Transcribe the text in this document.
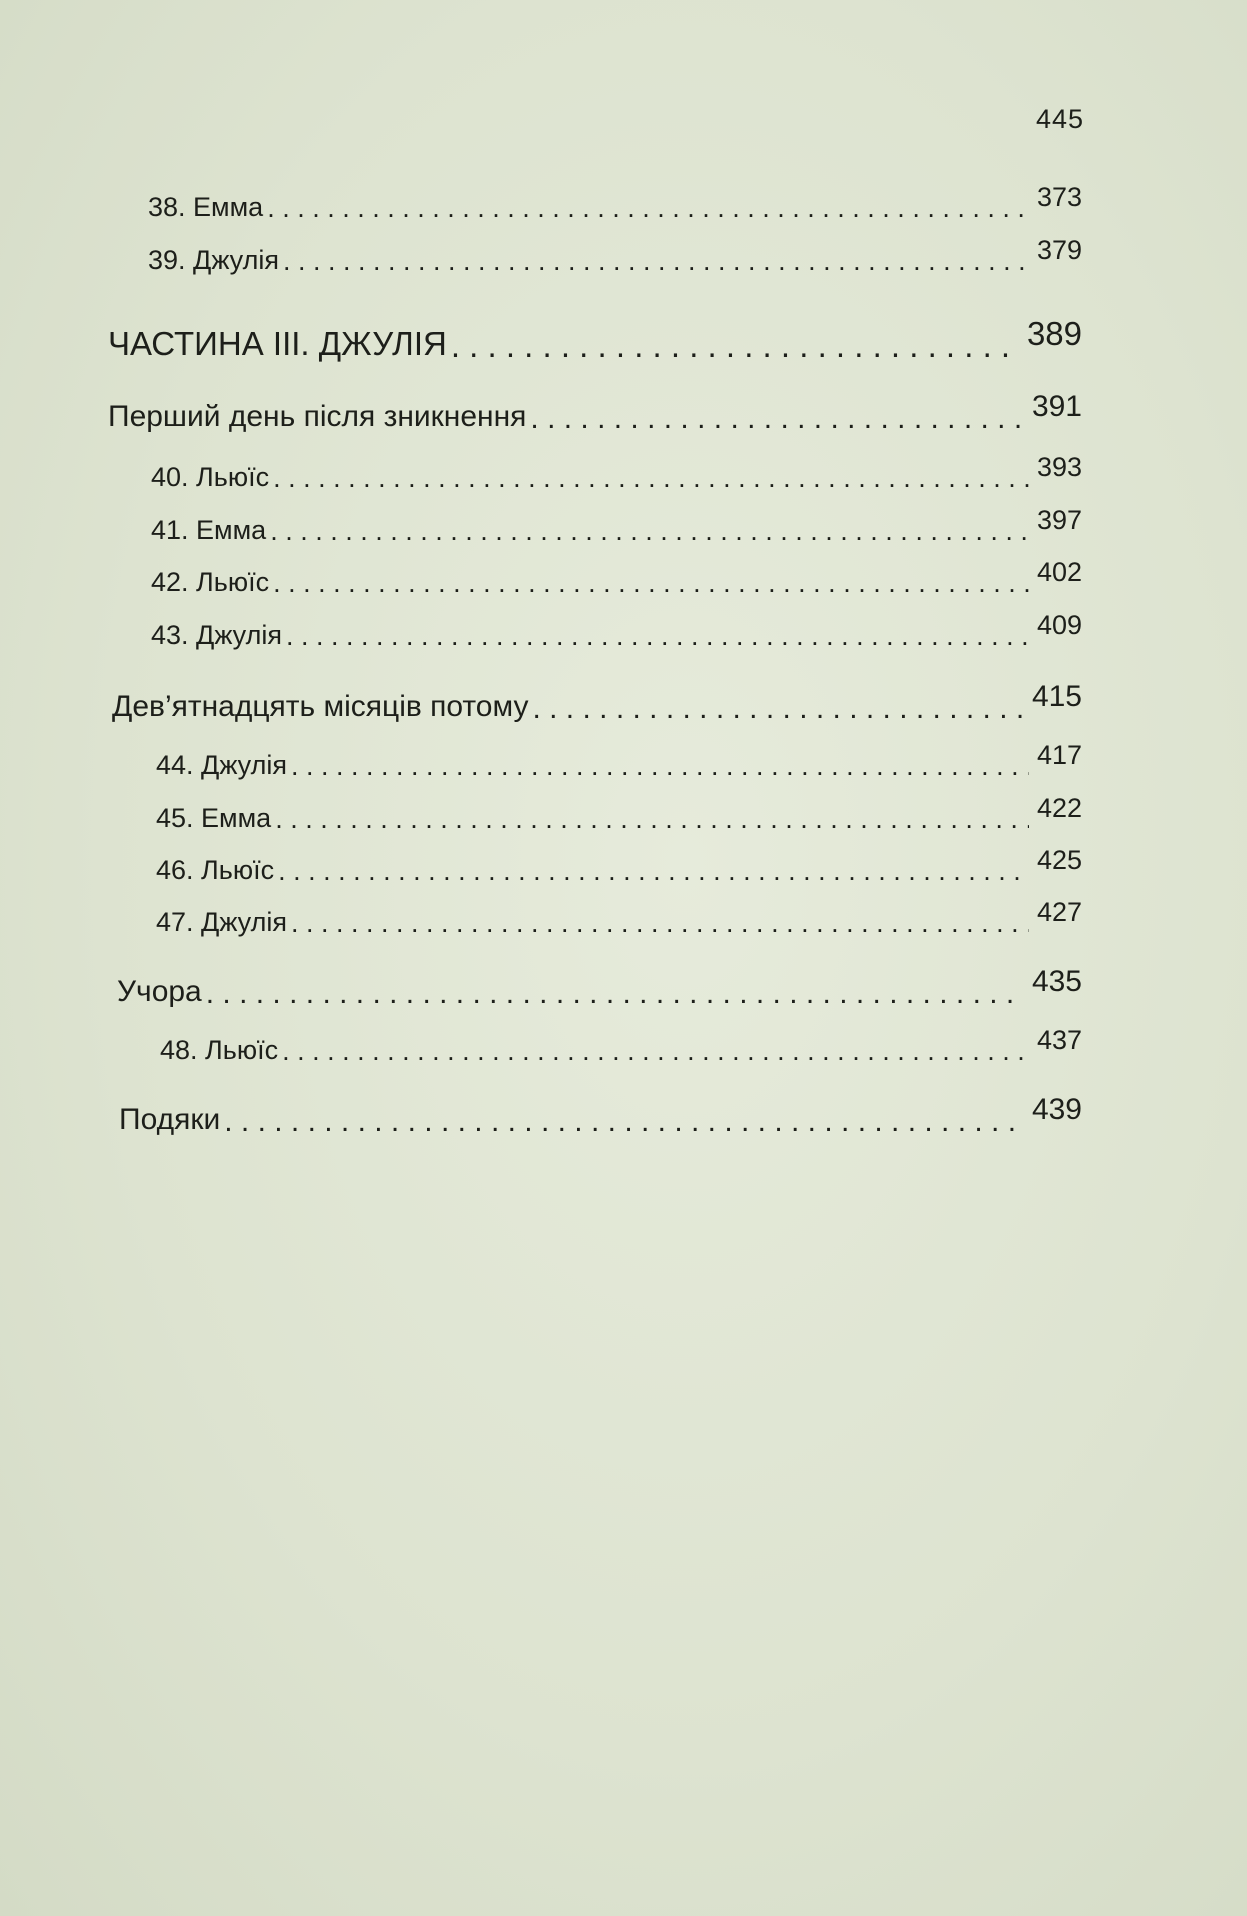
445
38. Емма . . .	373
39. Джулія . . .	379
ЧАСТИНА III. ДЖУЛІЯ . . .	389
Перший день після зникнення . . .	391
40. Льюїс . . .	393
41. Емма . . .	397
42. Льюїс . . .	402
43. Джулія . . .	409
Дев’ятнадцять місяців потому . . .	415
44. Джулія . . .	417
45. Емма . . .	422
46. Льюїс . . .	425
47. Джулія . . .	427
Учора . . .	435
48. Льюїс . . .	437
Подяки . . .	439
